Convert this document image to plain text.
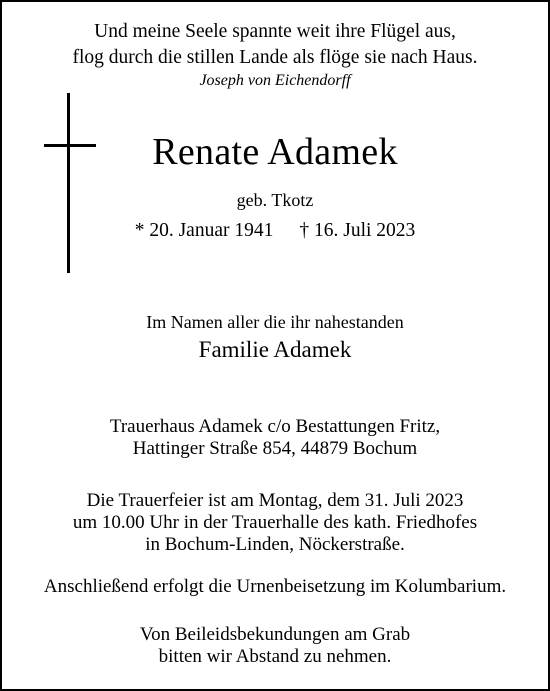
Und meine Seele spannte weit ihre Flügel aus,
flog durch die stillen Lande als flöge sie nach Haus.
Joseph von Eichendorff
Renate Adamek
geb. Tkotz
* 20. Januar 1941 † 16. Juli 2023
Im Namen aller die ihr nahestanden
Familie Adamek
Trauerhaus Adamek c/o Bestattungen Fritz,
Hattinger Straße 854, 44879 Bochum
Die Trauerfeier ist am Montag, dem 31. Juli 2023
um 10.00 Uhr in der Trauerhalle des kath. Friedhofes
in Bochum-Linden, Nöckerstraße.
Anschließend erfolgt die Urnenbeisetzung im Kolumbarium.
Von Beileidsbekundungen am Grab
bitten wir Abstand zu nehmen.
